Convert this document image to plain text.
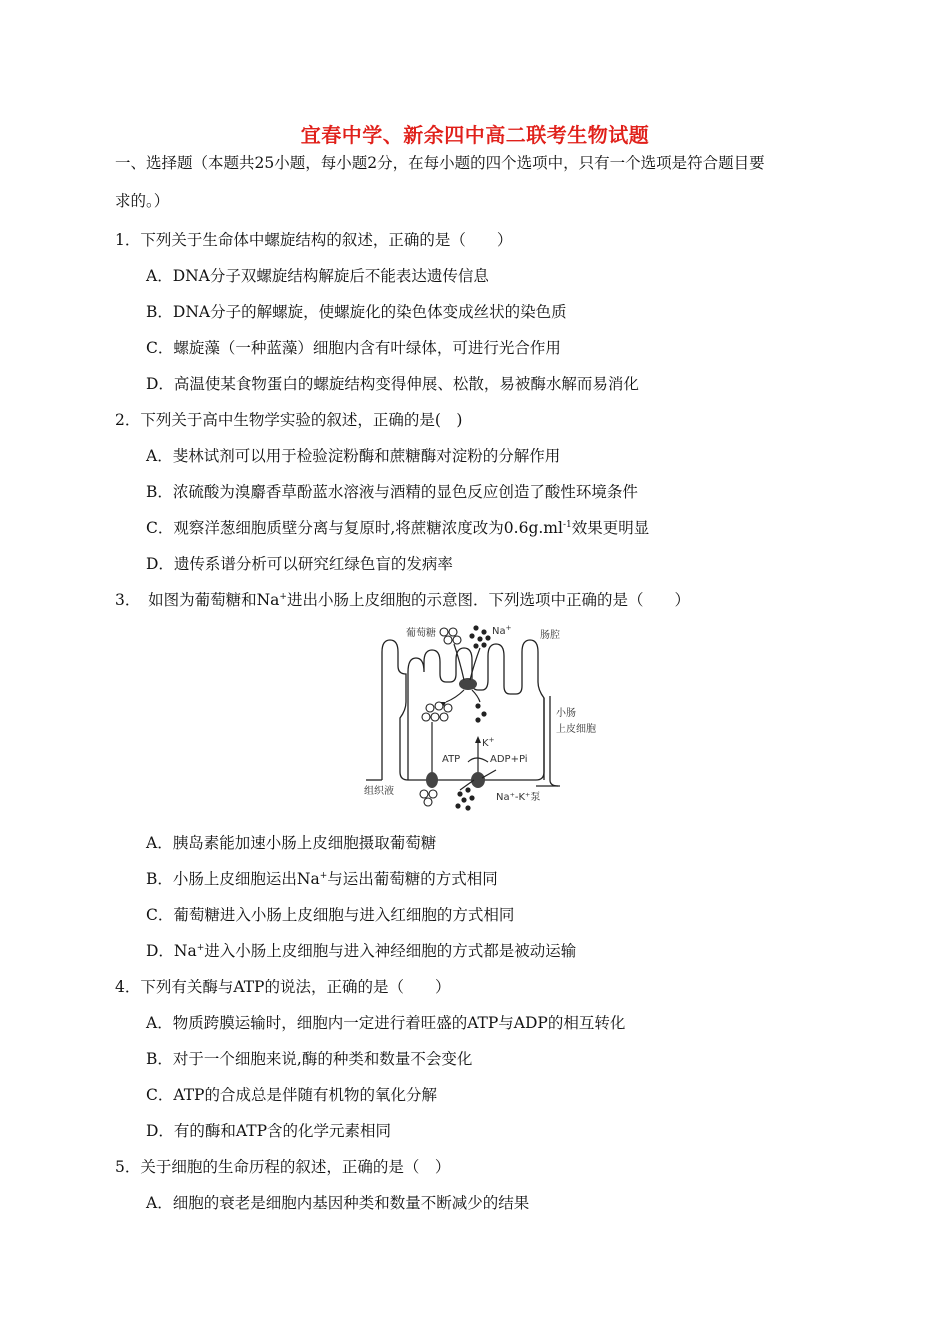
宜春中学、新余四中高二联考生物试题
一、选择题（本题共25小题，每小题2分，在每小题的四个选项中，只有一个选项是符合题目要
求的。）
1．下列关于生命体中螺旋结构的叙述，正确的是（　　）
A．DNA分子双螺旋结构解旋后不能表达遗传信息
B．DNA分子的解螺旋，使螺旋化的染色体变成丝状的染色质
C．螺旋藻（一种蓝藻）细胞内含有叶绿体，可进行光合作用
D．高温使某食物蛋白的螺旋结构变得伸展、松散，易被酶水解而易消化
2．下列关于高中生物学实验的叙述，正确的是(　)
A．斐林试剂可以用于检验淀粉酶和蔗糖酶对淀粉的分解作用
B．浓硫酸为溴麝香草酚蓝水溶液与酒精的显色反应创造了酸性环境条件
C．观察洋葱细胞质壁分离与复原时,将蔗糖浓度改为$0.6g.ml^{-1}$效果更明显
D．遗传系谱分析可以研究红绿色盲的发病率
3．　如图为葡萄糖和Na+进出小肠上皮细胞的示意图．下列选项中正确的是（　　）
葡萄糖	Na+
肠腔
小肠
上皮细胞
ATP
K+
ADP+Pi
组织液
Na⁺-K⁺泵
A．胰岛素能加速小肠上皮细胞摄取葡萄糖
B．小肠上皮细胞运出Na+与运出葡萄糖的方式相同
C．葡萄糖进入小肠上皮细胞与进入红细胞的方式相同
D．Na+进入小肠上皮细胞与进入神经细胞的方式都是被动运输
4．下列有关酶与ATP的说法，正确的是（　　）
A．物质跨膜运输时，细胞内一定进行着旺盛的ATP与ADP的相互转化
B．对于一个细胞来说,酶的种类和数量不会变化
C．ATP的合成总是伴随有机物的氧化分解
D．有的酶和ATP含的化学元素相同
5．关于细胞的生命历程的叙述，正确的是（　）
A．细胞的衰老是细胞内基因种类和数量不断减少的结果
